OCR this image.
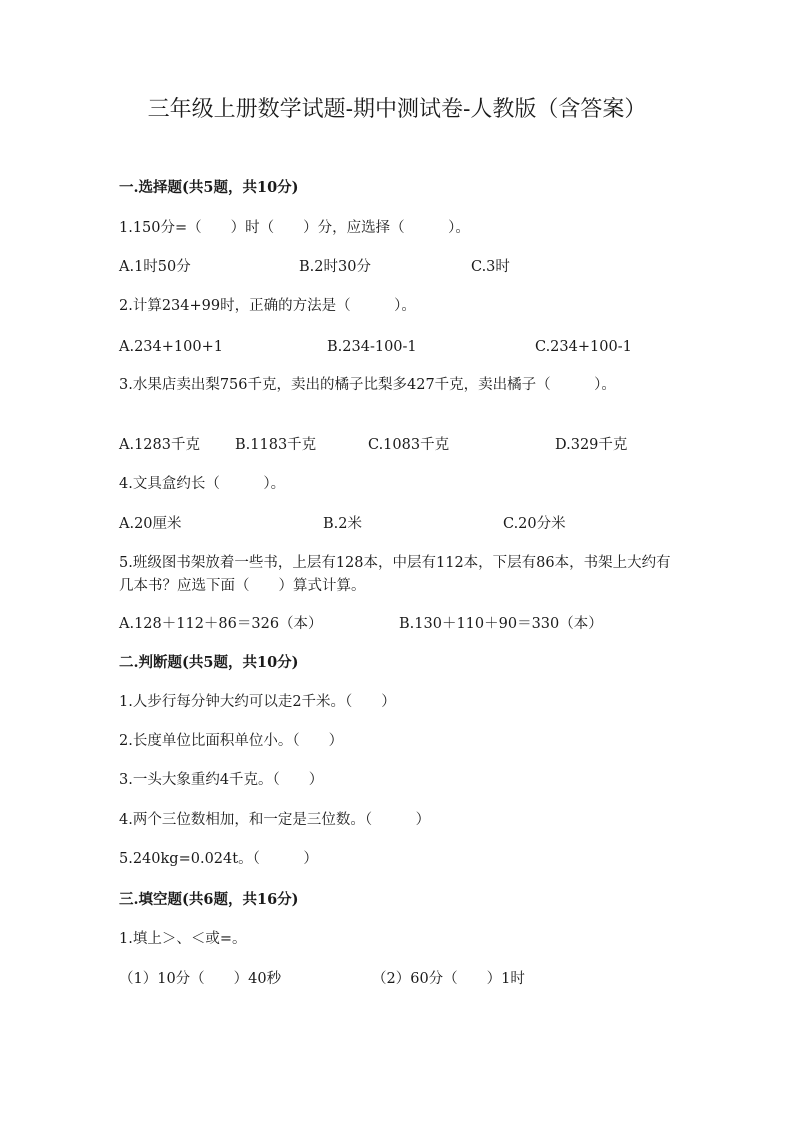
三年级上册数学试题-期中测试卷-人教版（含答案）
一.选择题(共5题，共10分)
1.150分=（　　）时（　　）分，应选择（　　　）。
A.1时50分	B.2时30分	C.3时
2.计算234+99时，正确的方法是（　　　）。
A.234+100+1	B.234-100-1	C.234+100-1
3.水果店卖出梨756千克，卖出的橘子比梨多427千克，卖出橘子（　　　）。
A.1283千克 B.1183千克	C.1083千克	D.329千克
4.文具盒约长（　　　）。
A.20厘米	B.2米	C.20分米
5.班级图书架放着一些书，上层有128本，中层有112本，下层有86本，书架上大约有几本书？应选下面（　　）算式计算。
A.128＋112＋86＝326（本）	B.130＋110＋90＝330（本）
二.判断题(共5题，共10分)
1.人步行每分钟大约可以走2千米。（　　）
2.长度单位比面积单位小。（　　）
3.一头大象重约4千克。（　　）
4.两个三位数相加，和一定是三位数。（　　　）
5.240kg=0.024t。（　　　）
三.填空题(共6题，共16分)
1.填上＞、＜或=。
（1）10分（　　）40秒	（2）60分（　　）1时
